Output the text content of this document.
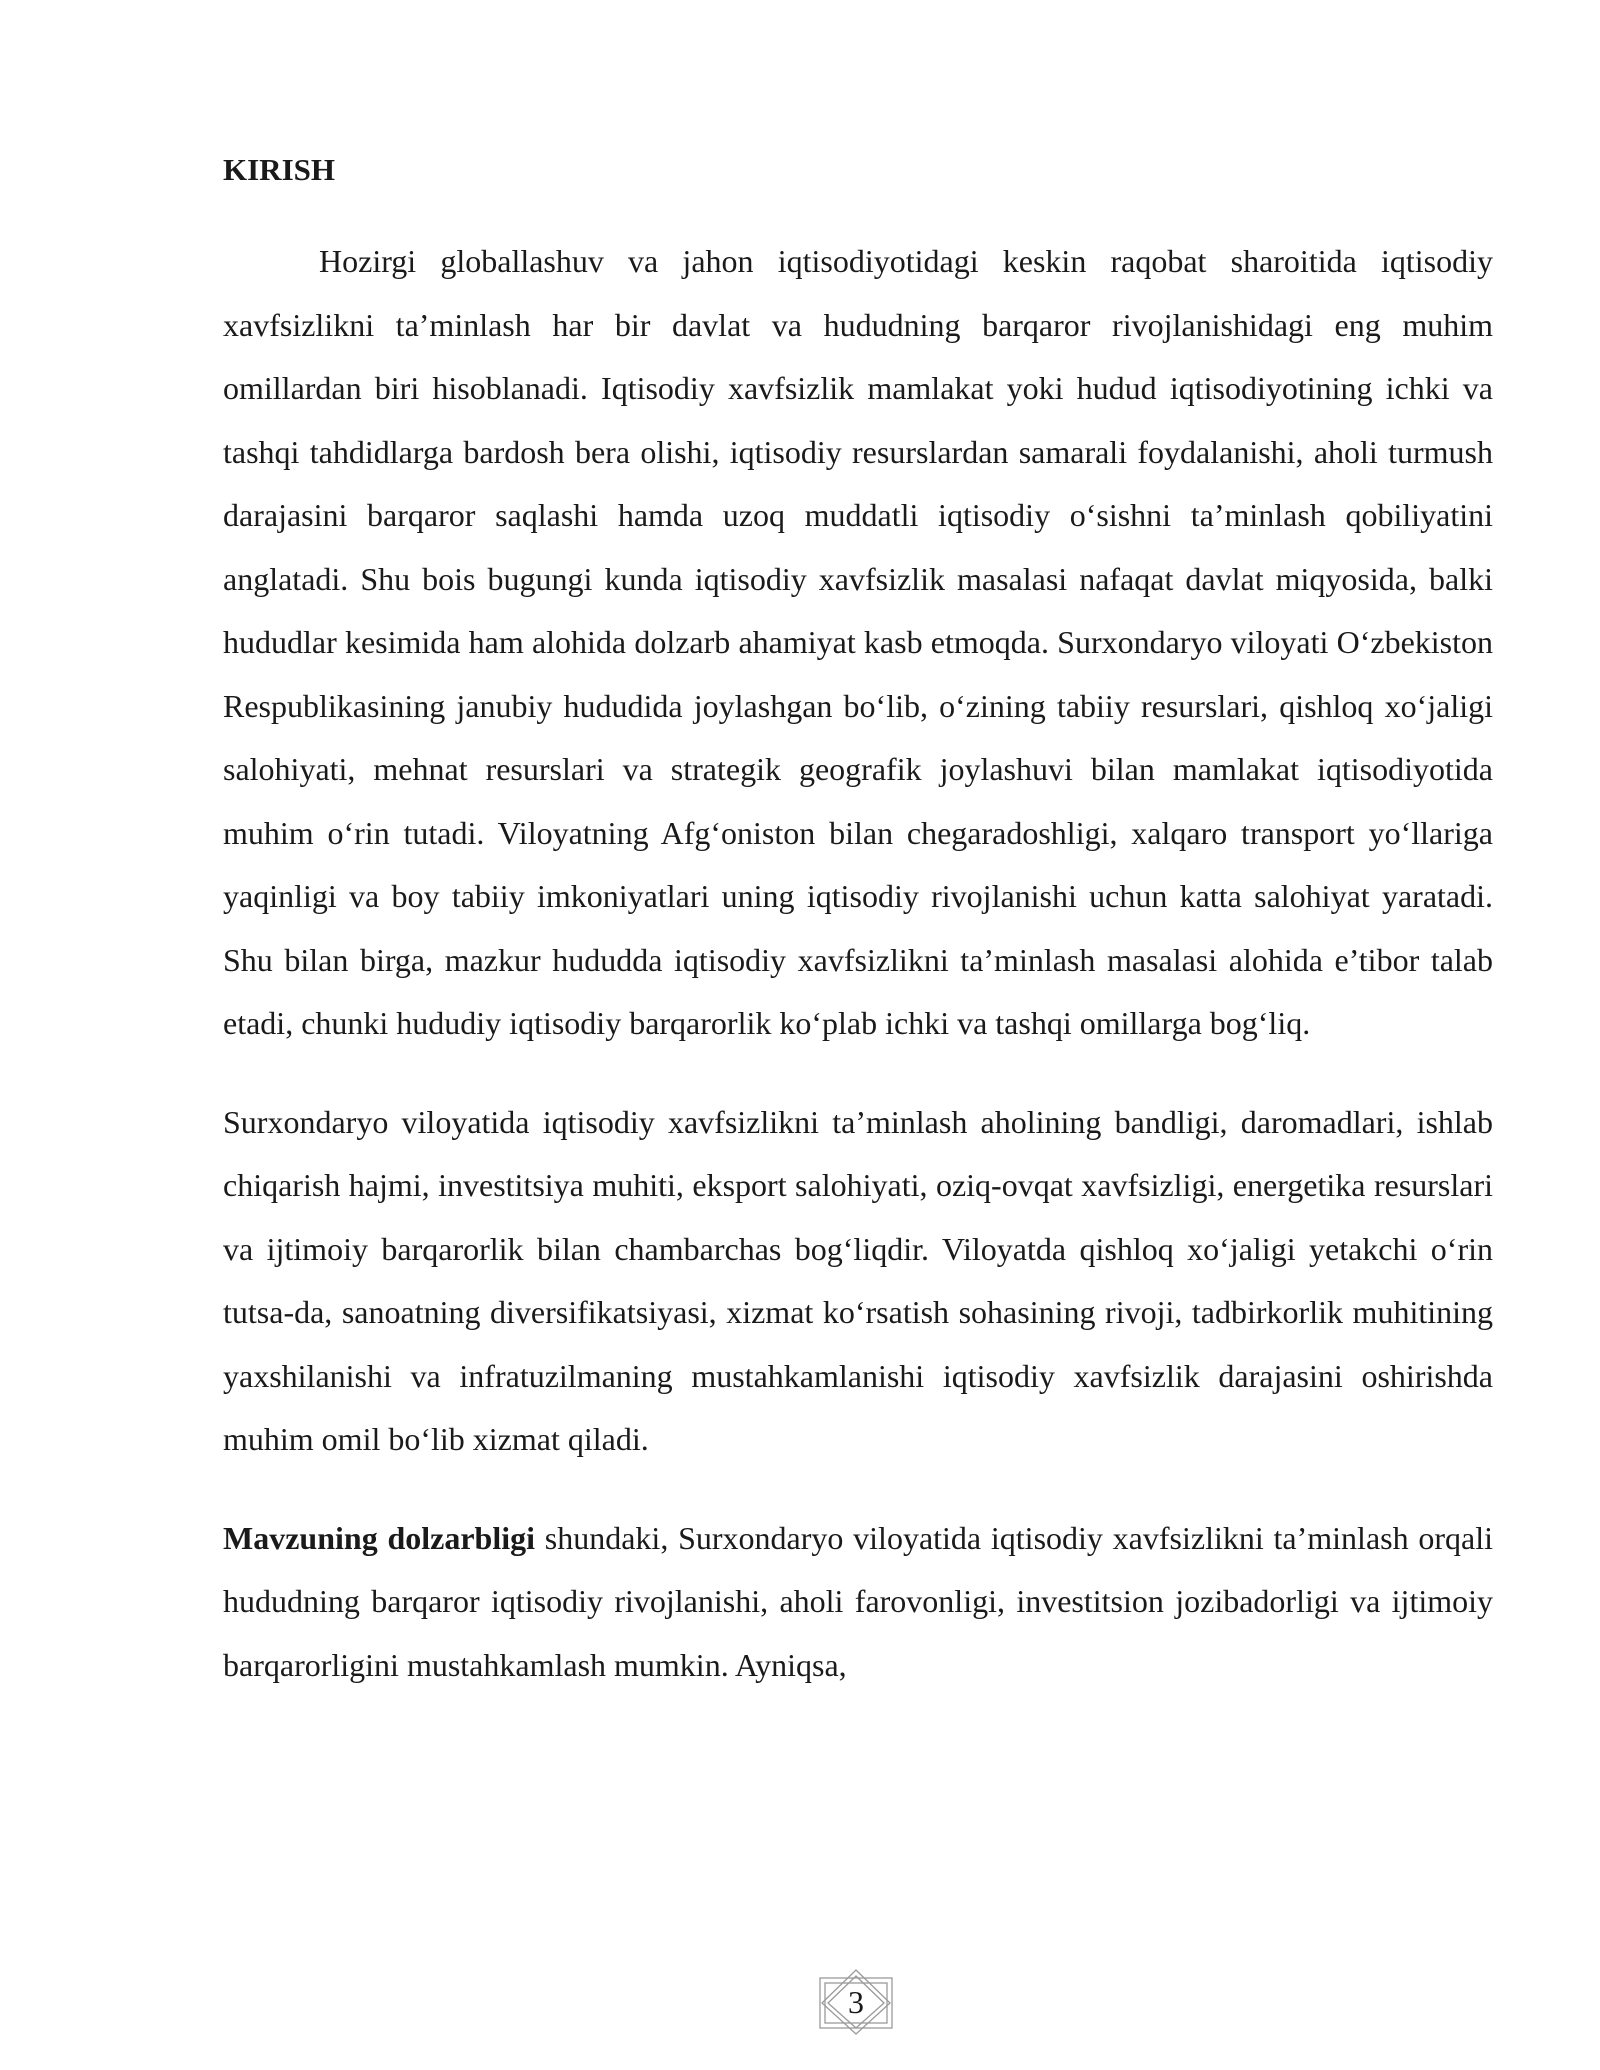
KIRISH

Hozirgi globallashuv va jahon iqtisodiyotidagi keskin raqobat sharoitida iqtisodiy xavfsizlikni ta’minlash har bir davlat va hududning barqaror rivojlanishidagi eng muhim omillardan biri hisoblanadi. Iqtisodiy xavfsizlik mamlakat yoki hudud iqtisodiyotining ichki va tashqi tahdidlarga bardosh bera olishi, iqtisodiy resurslardan samarali foydalanishi, aholi turmush darajasini barqaror saqlashi hamda uzoq muddatli iqtisodiy o‘sishni ta’minlash qobiliyatini anglatadi. Shu bois bugungi kunda iqtisodiy xavfsizlik masalasi nafaqat davlat miqyosida, balki hududlar kesimida ham alohida dolzarb ahamiyat kasb etmoqda. Surxondaryo viloyati O‘zbekiston Respublikasining janubiy hududida joylashgan bo‘lib, o‘zining tabiiy resurslari, qishloq xo‘jaligi salohiyati, mehnat resurslari va strategik geografik joylashuvi bilan mamlakat iqtisodiyotida muhim o‘rin tutadi. Viloyatning Afg‘oniston bilan chegaradoshligi, xalqaro transport yo‘llariga yaqinligi va boy tabiiy imkoniyatlari uning iqtisodiy rivojlanishi uchun katta salohiyat yaratadi. Shu bilan birga, mazkur hududda iqtisodiy xavfsizlikni ta’minlash masalasi alohida e’tibor talab etadi, chunki hududiy iqtisodiy barqarorlik ko‘plab ichki va tashqi omillarga bog‘liq.

Surxondaryo viloyatida iqtisodiy xavfsizlikni ta’minlash aholining bandligi, daromadlari, ishlab chiqarish hajmi, investitsiya muhiti, eksport salohiyati, oziq-ovqat xavfsizligi, energetika resurslari va ijtimoiy barqarorlik bilan chambarchas bog‘liqdir. Viloyatda qishloq xo‘jaligi yetakchi o‘rin tutsa-da, sanoatning diversifikatsiyasi, xizmat ko‘rsatish sohasining rivoji, tadbirkorlik muhitining yaxshilanishi va infratuzilmaning mustahkamlanishi iqtisodiy xavfsizlik darajasini oshirishda muhim omil bo‘lib xizmat qiladi.

Mavzuning dolzarbligi shundaki, Surxondaryo viloyatida iqtisodiy xavfsizlikni ta’minlash orqali hududning barqaror iqtisodiy rivojlanishi, aholi farovonligi, investitsion jozibadorligi va ijtimoiy barqarorligini mustahkamlash mumkin. Ayniqsa,

3
